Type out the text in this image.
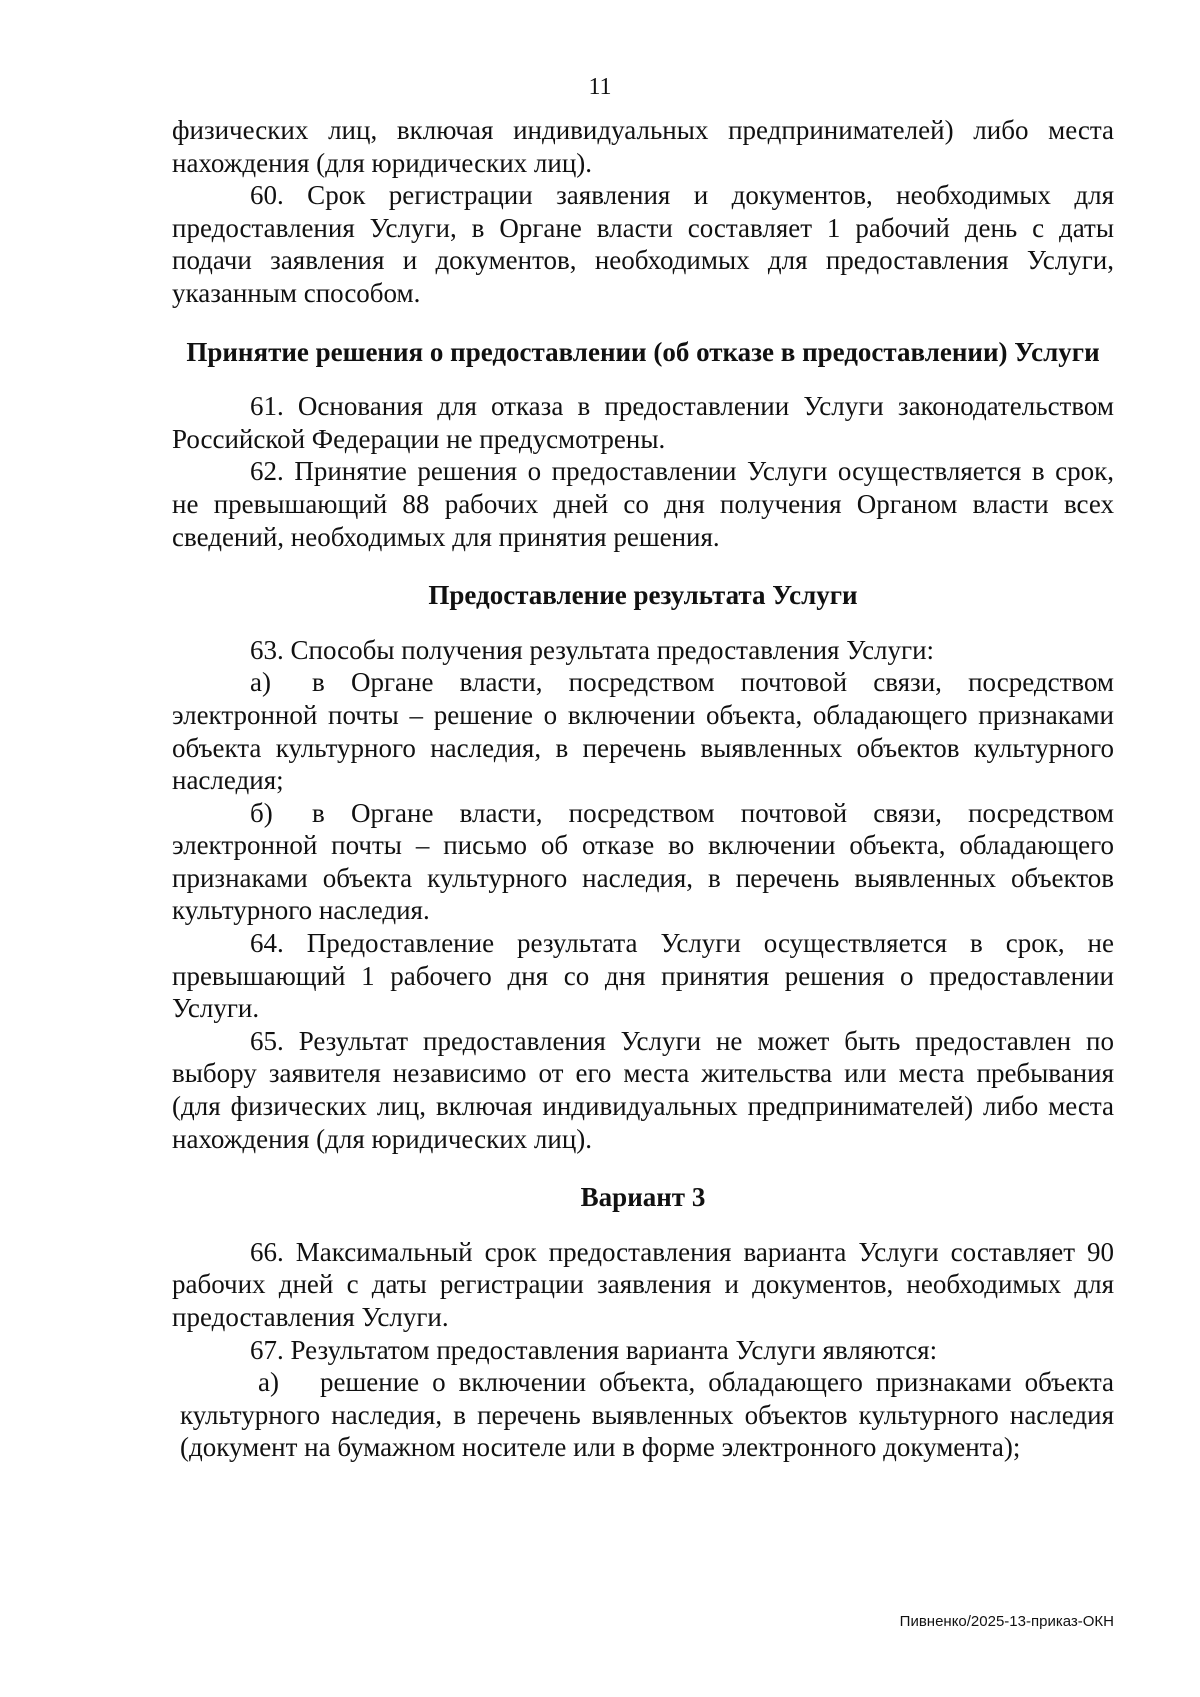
11

физических лиц, включая индивидуальных предпринимателей) либо места нахождения (для юридических лиц).

60. Срок регистрации заявления и документов, необходимых для предоставления Услуги, в Органе власти составляет 1 рабочий день с даты подачи заявления и документов, необходимых для предоставления Услуги, указанным способом.

Принятие решения о предоставлении (об отказе в предоставлении) Услуги

61. Основания для отказа в предоставлении Услуги законодательством Российской Федерации не предусмотрены.

62. Принятие решения о предоставлении Услуги осуществляется в срок, не превышающий 88 рабочих дней со дня получения Органом власти всех сведений, необходимых для принятия решения.

Предоставление результата Услуги

63. Способы получения результата предоставления Услуги:

а) в Органе власти, посредством почтовой связи, посредством электронной почты – решение о включении объекта, обладающего признаками объекта культурного наследия, в перечень выявленных объектов культурного наследия;

б) в Органе власти, посредством почтовой связи, посредством электронной почты – письмо об отказе во включении объекта, обладающего признаками объекта культурного наследия, в перечень выявленных объектов культурного наследия.

64. Предоставление результата Услуги осуществляется в срок, не превышающий 1 рабочего дня со дня принятия решения о предоставлении Услуги.

65. Результат предоставления Услуги не может быть предоставлен по выбору заявителя независимо от его места жительства или места пребывания (для физических лиц, включая индивидуальных предпринимателей) либо места нахождения (для юридических лиц).

Вариант 3

66. Максимальный срок предоставления варианта Услуги составляет 90 рабочих дней с даты регистрации заявления и документов, необходимых для предоставления Услуги.

67. Результатом предоставления варианта Услуги являются:

а) решение о включении объекта, обладающего признаками объекта культурного наследия, в перечень выявленных объектов культурного наследия (документ на бумажном носителе или в форме электронного документа);

Пивненко/2025-13-приказ-ОКН
